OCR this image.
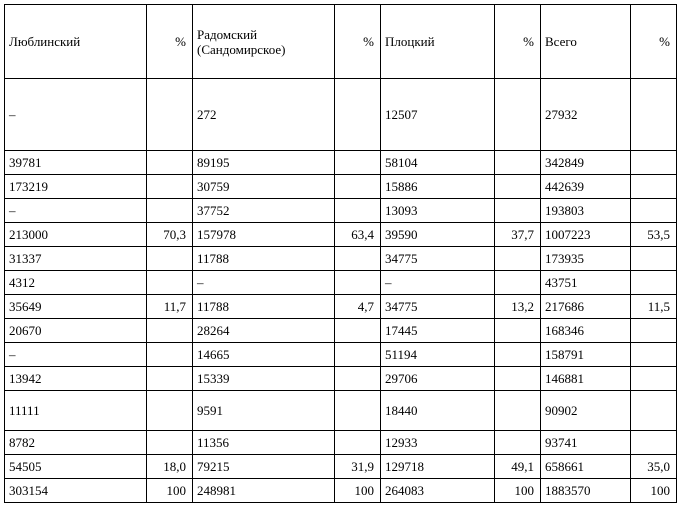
Люблинский	%	Радомский (Сандомирское)	%	Плоцкий	%	Всего	%
–		272		12507		27932	
39781		89195		58104		342849	
173219		30759		15886		442639	
–		37752		13093		193803	
213000	70,3	157978	63,4	39590	37,7	1007223	53,5
31337		11788		34775		173935	
4312		–		–		43751	
35649	11,7	11788	4,7	34775	13,2	217686	11,5
20670		28264		17445		168346	
–		14665		51194		158791	
13942		15339		29706		146881	
11111		9591		18440		90902	
8782		11356		12933		93741	
54505	18,0	79215	31,9	129718	49,1	658661	35,0
303154	100	248981	100	264083	100	1883570	100
